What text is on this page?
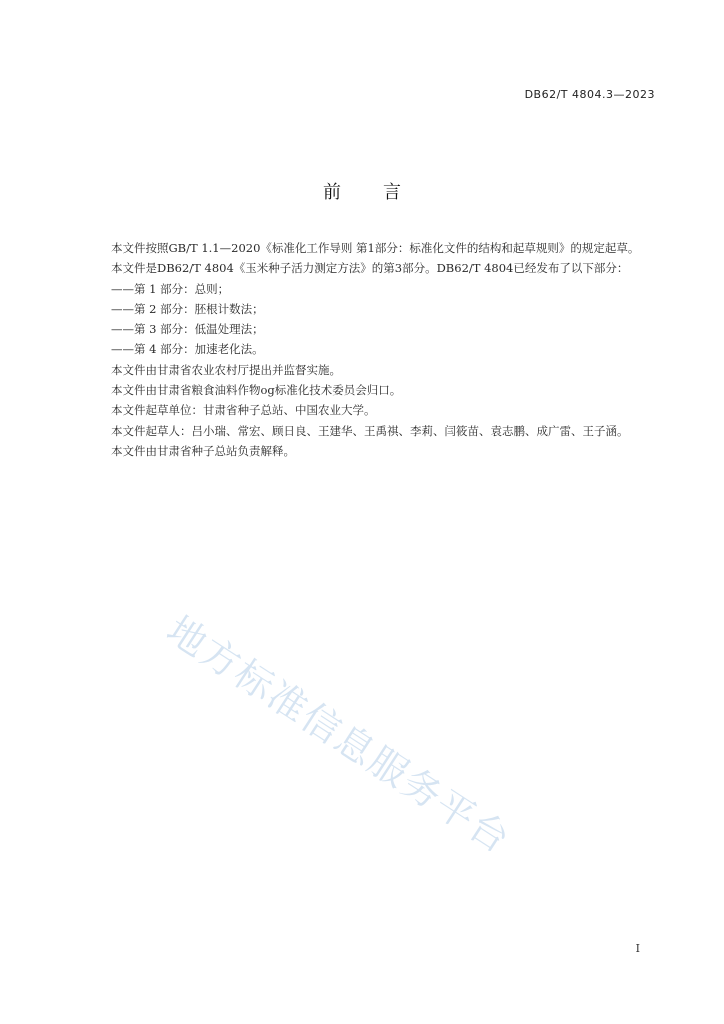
DB62/T 4804.3—2023
前 言

本文件按照GB/T 1.1—2020《标准化工作导则 第1部分：标准化文件的结构和起草规则》的规定起草。

本文件是DB62/T 4804《玉米种子活力测定方法》的第3部分。DB62/T 4804已经发布了以下部分：

——第 1 部分：总则；

——第 2 部分：胚根计数法；

——第 3 部分：低温处理法；

——第 4 部分：加速老化法。

本文件由甘肃省农业农村厅提出并监督实施。

本文件由甘肃省粮食油料作物og标准化技术委员会归口。

本文件起草单位：甘肃省种子总站、中国农业大学。

本文件起草人：吕小瑞、常宏、顾日良、王建华、王禹祺、李莉、闫筱苗、袁志鹏、成广雷、王子涵。

本文件由甘肃省种子总站负责解释。

地方标准信息服务平台
I
